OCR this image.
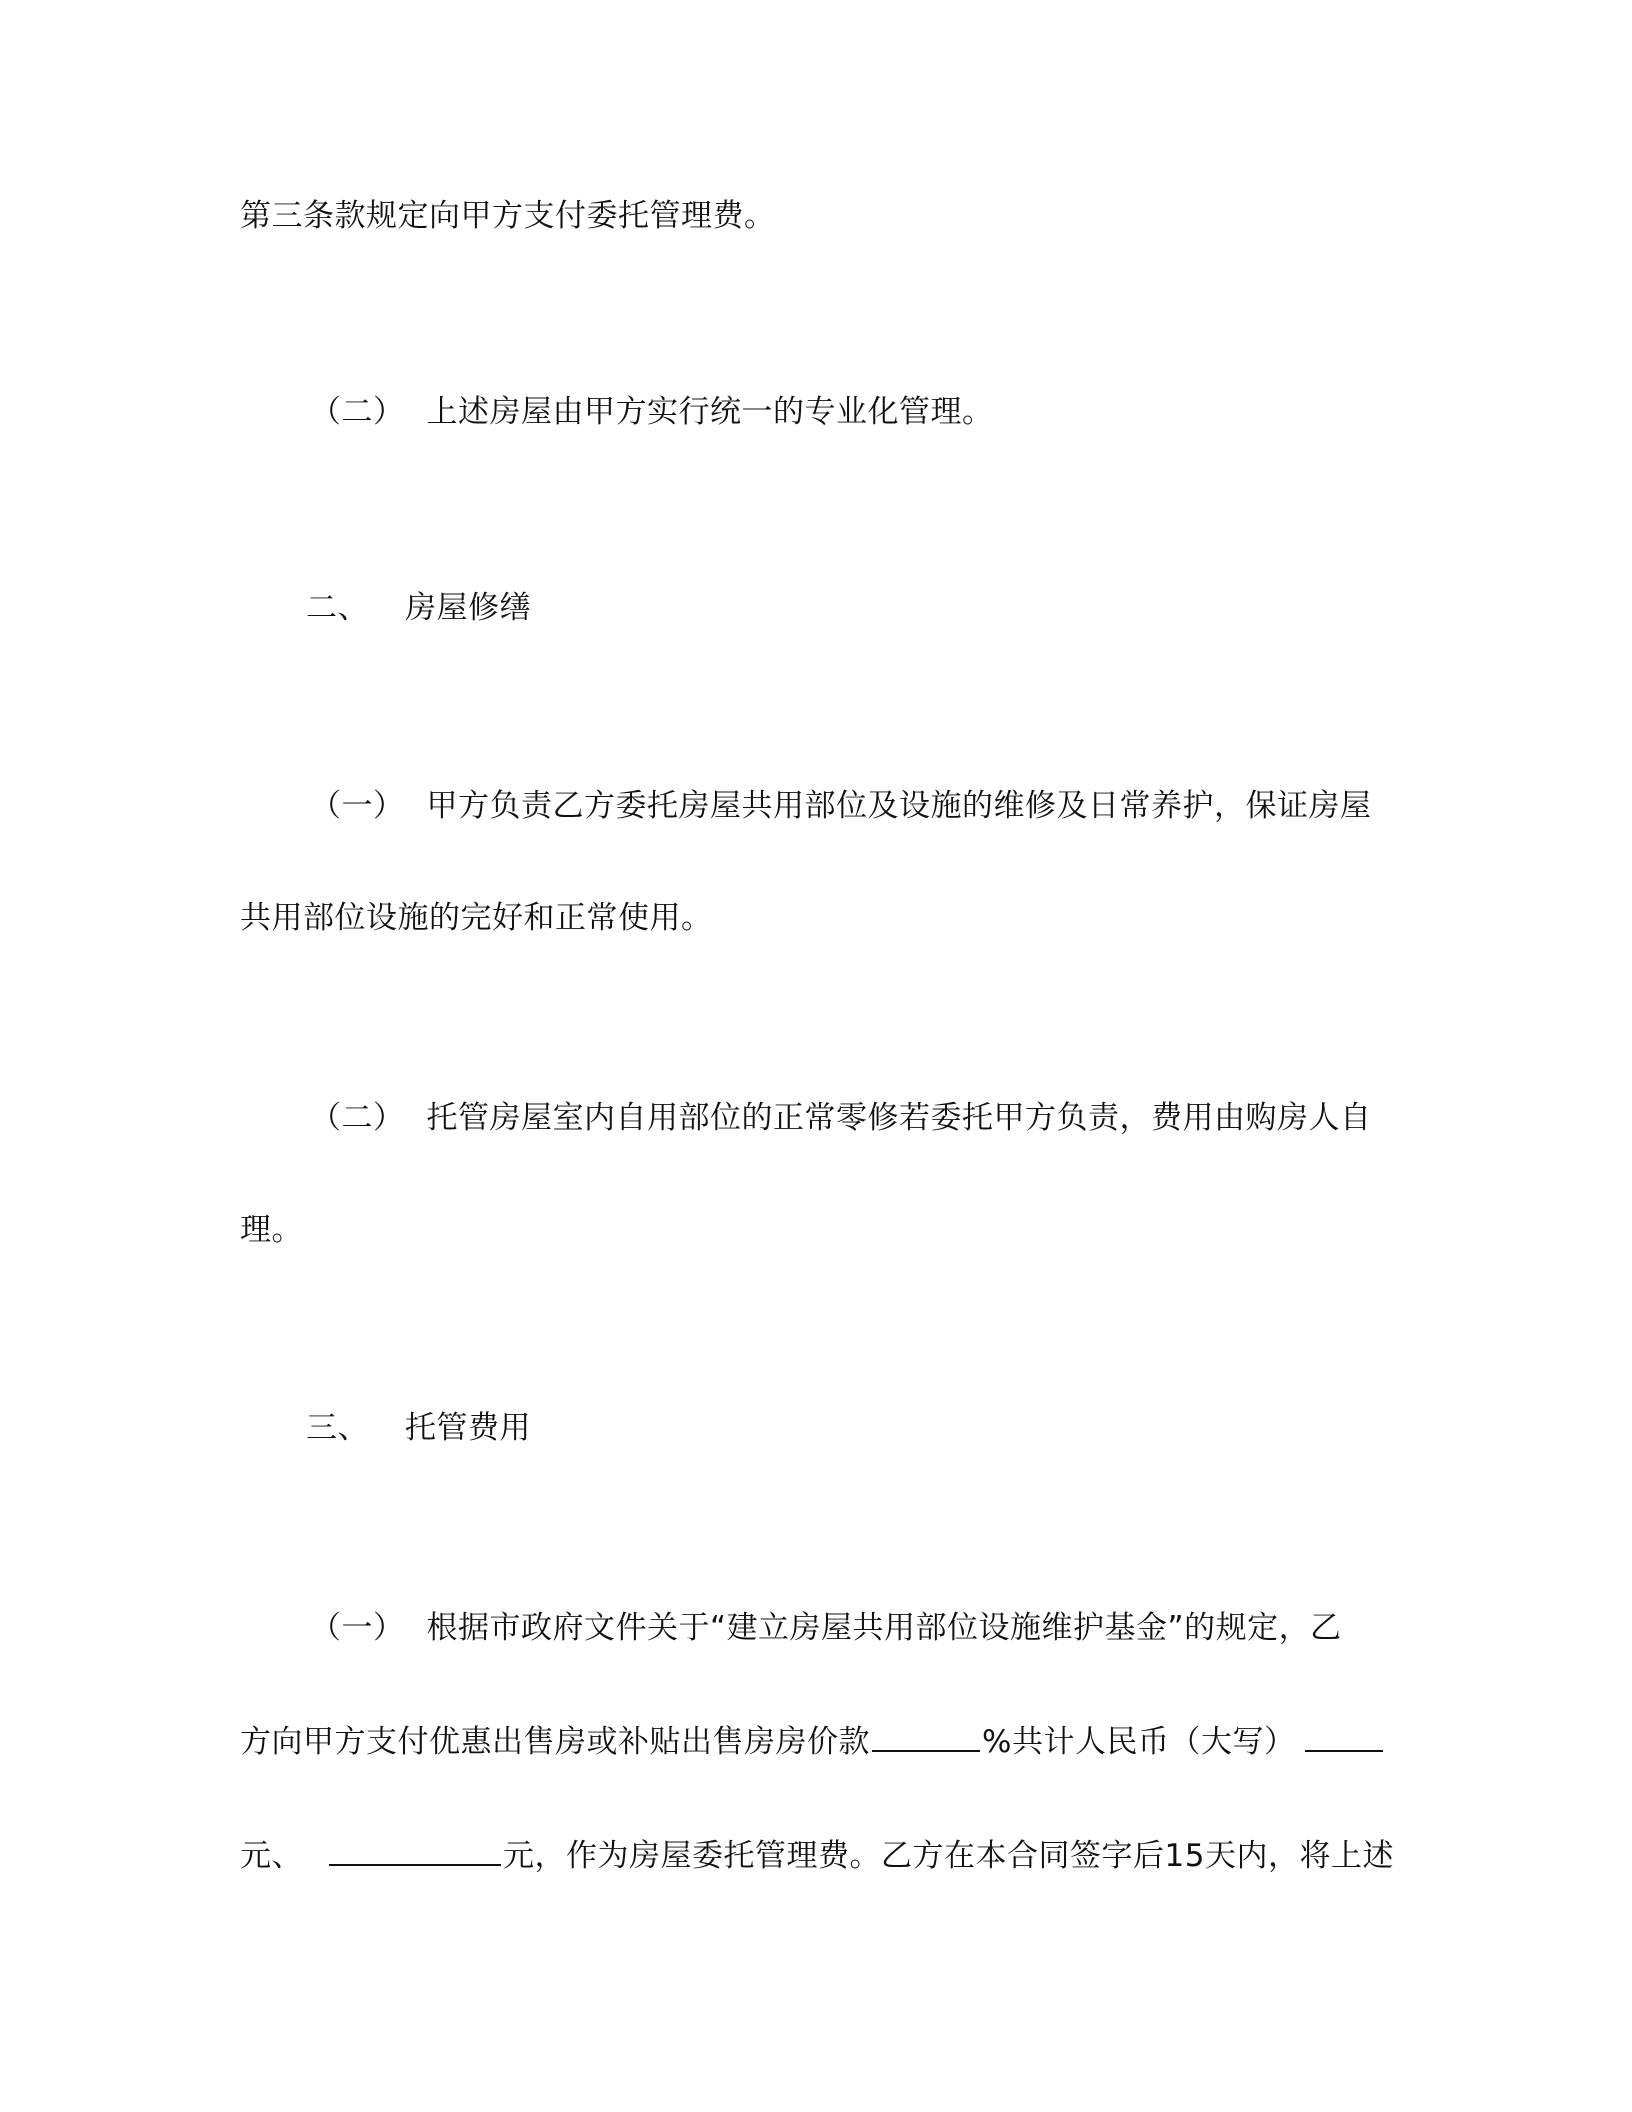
第三条款规定向甲方支付委托管理费。
（二） 上述房屋由甲方实行统一的专业化管理。
二、 房屋修缮
（一） 甲方负责乙方委托房屋共用部位及设施的维修及日常养护，保证房屋
共用部位设施的完好和正常使用。
（二） 托管房屋室内自用部位的正常零修若委托甲方负责，费用由购房人自
理。
三、 托管费用
（一） 根据市政府文件关于“建立房屋共用部位设施维护基金”的规定，乙
方向甲方支付优惠出售房或补贴出售房房价款	%共计人民币（大写）
元、	元，作为房屋委托管理费。乙方在本合同签字后15天内，将上述
